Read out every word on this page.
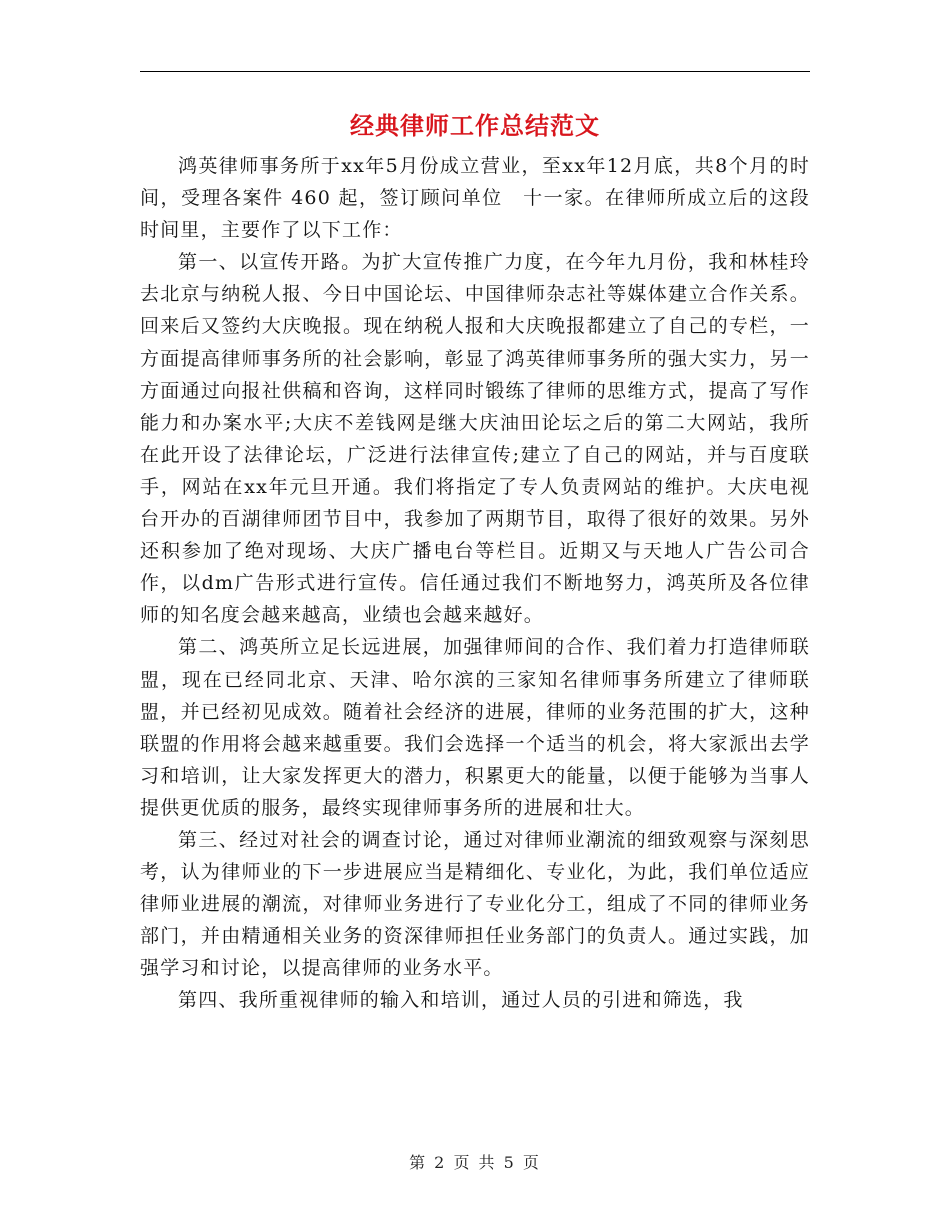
经典律师工作总结范文

鸿英律师事务所于xx年5月份成立营业，至xx年12月底，共8个月的时间，受理各案件 460 起，签订顾问单位　十一家。在律师所成立后的这段时间里，主要作了以下工作：

第一、以宣传开路。为扩大宣传推广力度，在今年九月份，我和林桂玲去北京与纳税人报、今日中国论坛、中国律师杂志社等媒体建立合作关系。回来后又签约大庆晚报。现在纳税人报和大庆晚报都建立了自己的专栏，一方面提高律师事务所的社会影响，彰显了鸿英律师事务所的强大实力，另一方面通过向报社供稿和咨询，这样同时锻练了律师的思维方式，提高了写作能力和办案水平;大庆不差钱网是继大庆油田论坛之后的第二大网站，我所在此开设了法律论坛，广泛进行法律宣传;建立了自己的网站，并与百度联手，网站在xx年元旦开通。我们将指定了专人负责网站的维护。大庆电视台开办的百湖律师团节目中，我参加了两期节目，取得了很好的效果。另外还积参加了绝对现场、大庆广播电台等栏目。近期又与天地人广告公司合作，以dm广告形式进行宣传。信任通过我们不断地努力，鸿英所及各位律师的知名度会越来越高，业绩也会越来越好。

第二、鸿英所立足长远进展，加强律师间的合作、我们着力打造律师联盟，现在已经同北京、天津、哈尔滨的三家知名律师事务所建立了律师联盟，并已经初见成效。随着社会经济的进展，律师的业务范围的扩大，这种联盟的作用将会越来越重要。我们会选择一个适当的机会，将大家派出去学习和培训，让大家发挥更大的潜力，积累更大的能量，以便于能够为当事人提供更优质的服务，最终实现律师事务所的进展和壮大。

第三、经过对社会的调查讨论，通过对律师业潮流的细致观察与深刻思考，认为律师业的下一步进展应当是精细化、专业化，为此，我们单位适应律师业进展的潮流，对律师业务进行了专业化分工，组成了不同的律师业务部门，并由精通相关业务的资深律师担任业务部门的负责人。通过实践，加强学习和讨论，以提高律师的业务水平。

第四、我所重视律师的输入和培训，通过人员的引进和筛选，我

第 2 页 共 5 页
